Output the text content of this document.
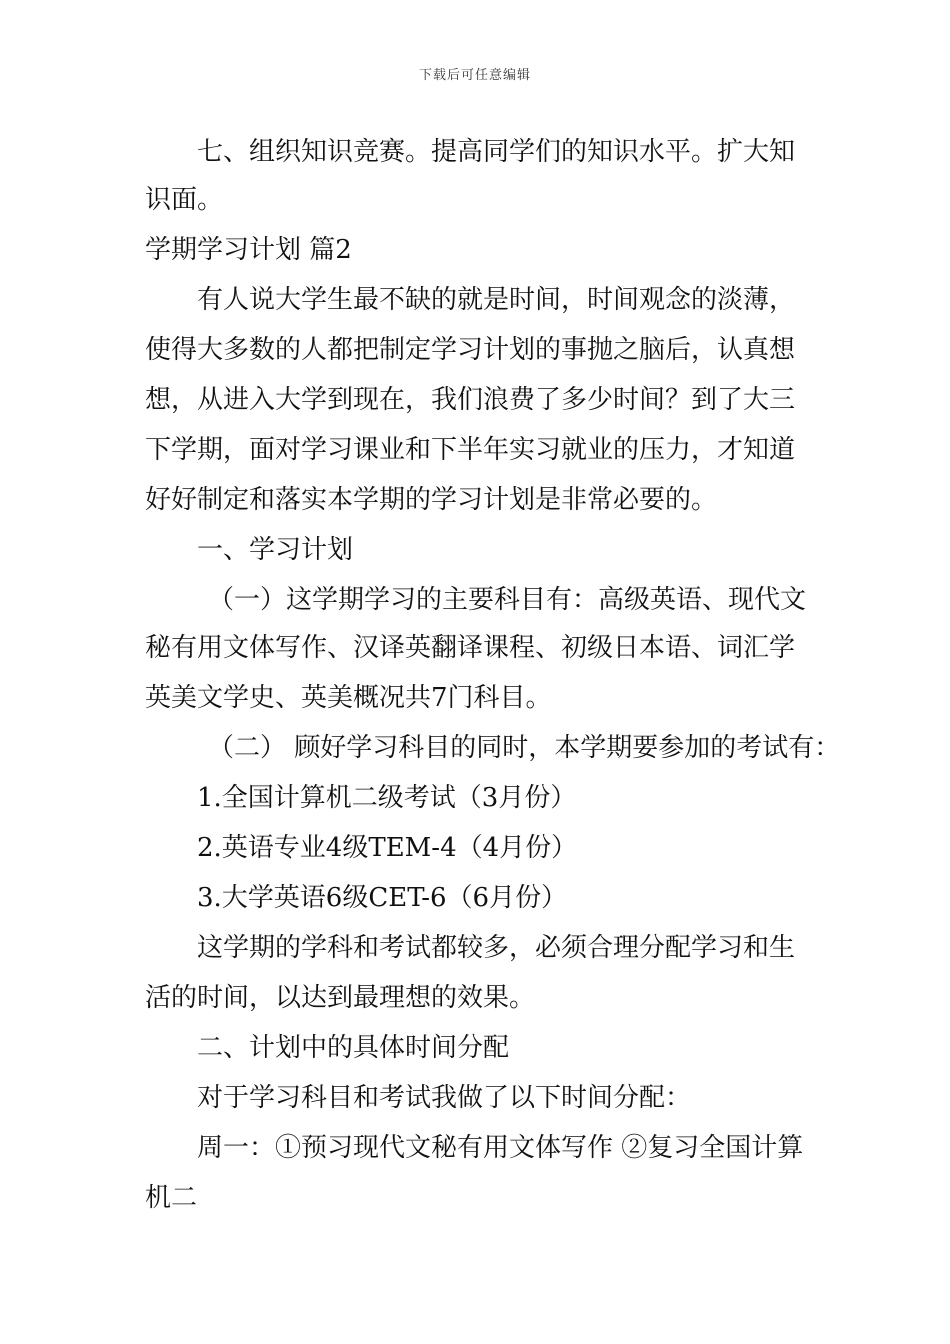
下载后可任意编辑
七、组织知识竞赛。提高同学们的知识水平。扩大知
识面。
学期学习计划 篇2
有人说大学生最不缺的就是时间，时间观念的淡薄，
使得大多数的人都把制定学习计划的事抛之脑后，认真想
想，从进入大学到现在，我们浪费了多少时间？到了大三
下学期，面对学习课业和下半年实习就业的压力，才知道
好好制定和落实本学期的学习计划是非常必要的。
一、学习计划
（一）这学期学习的主要科目有：高级英语、现代文
秘有用文体写作、汉译英翻译课程、初级日本语、词汇学
英美文学史、英美概况共7门科目。
（二） 顾好学习科目的同时，本学期要参加的考试有：
1.全国计算机二级考试（3月份）
2.英语专业4级TEM-4（4月份）
3.大学英语6级CET-6（6月份）
这学期的学科和考试都较多，必须合理分配学习和生
活的时间，以达到最理想的效果。
二、计划中的具体时间分配
对于学习科目和考试我做了以下时间分配：
周一：①预习现代文秘有用文体写作 ②复习全国计算
机二
